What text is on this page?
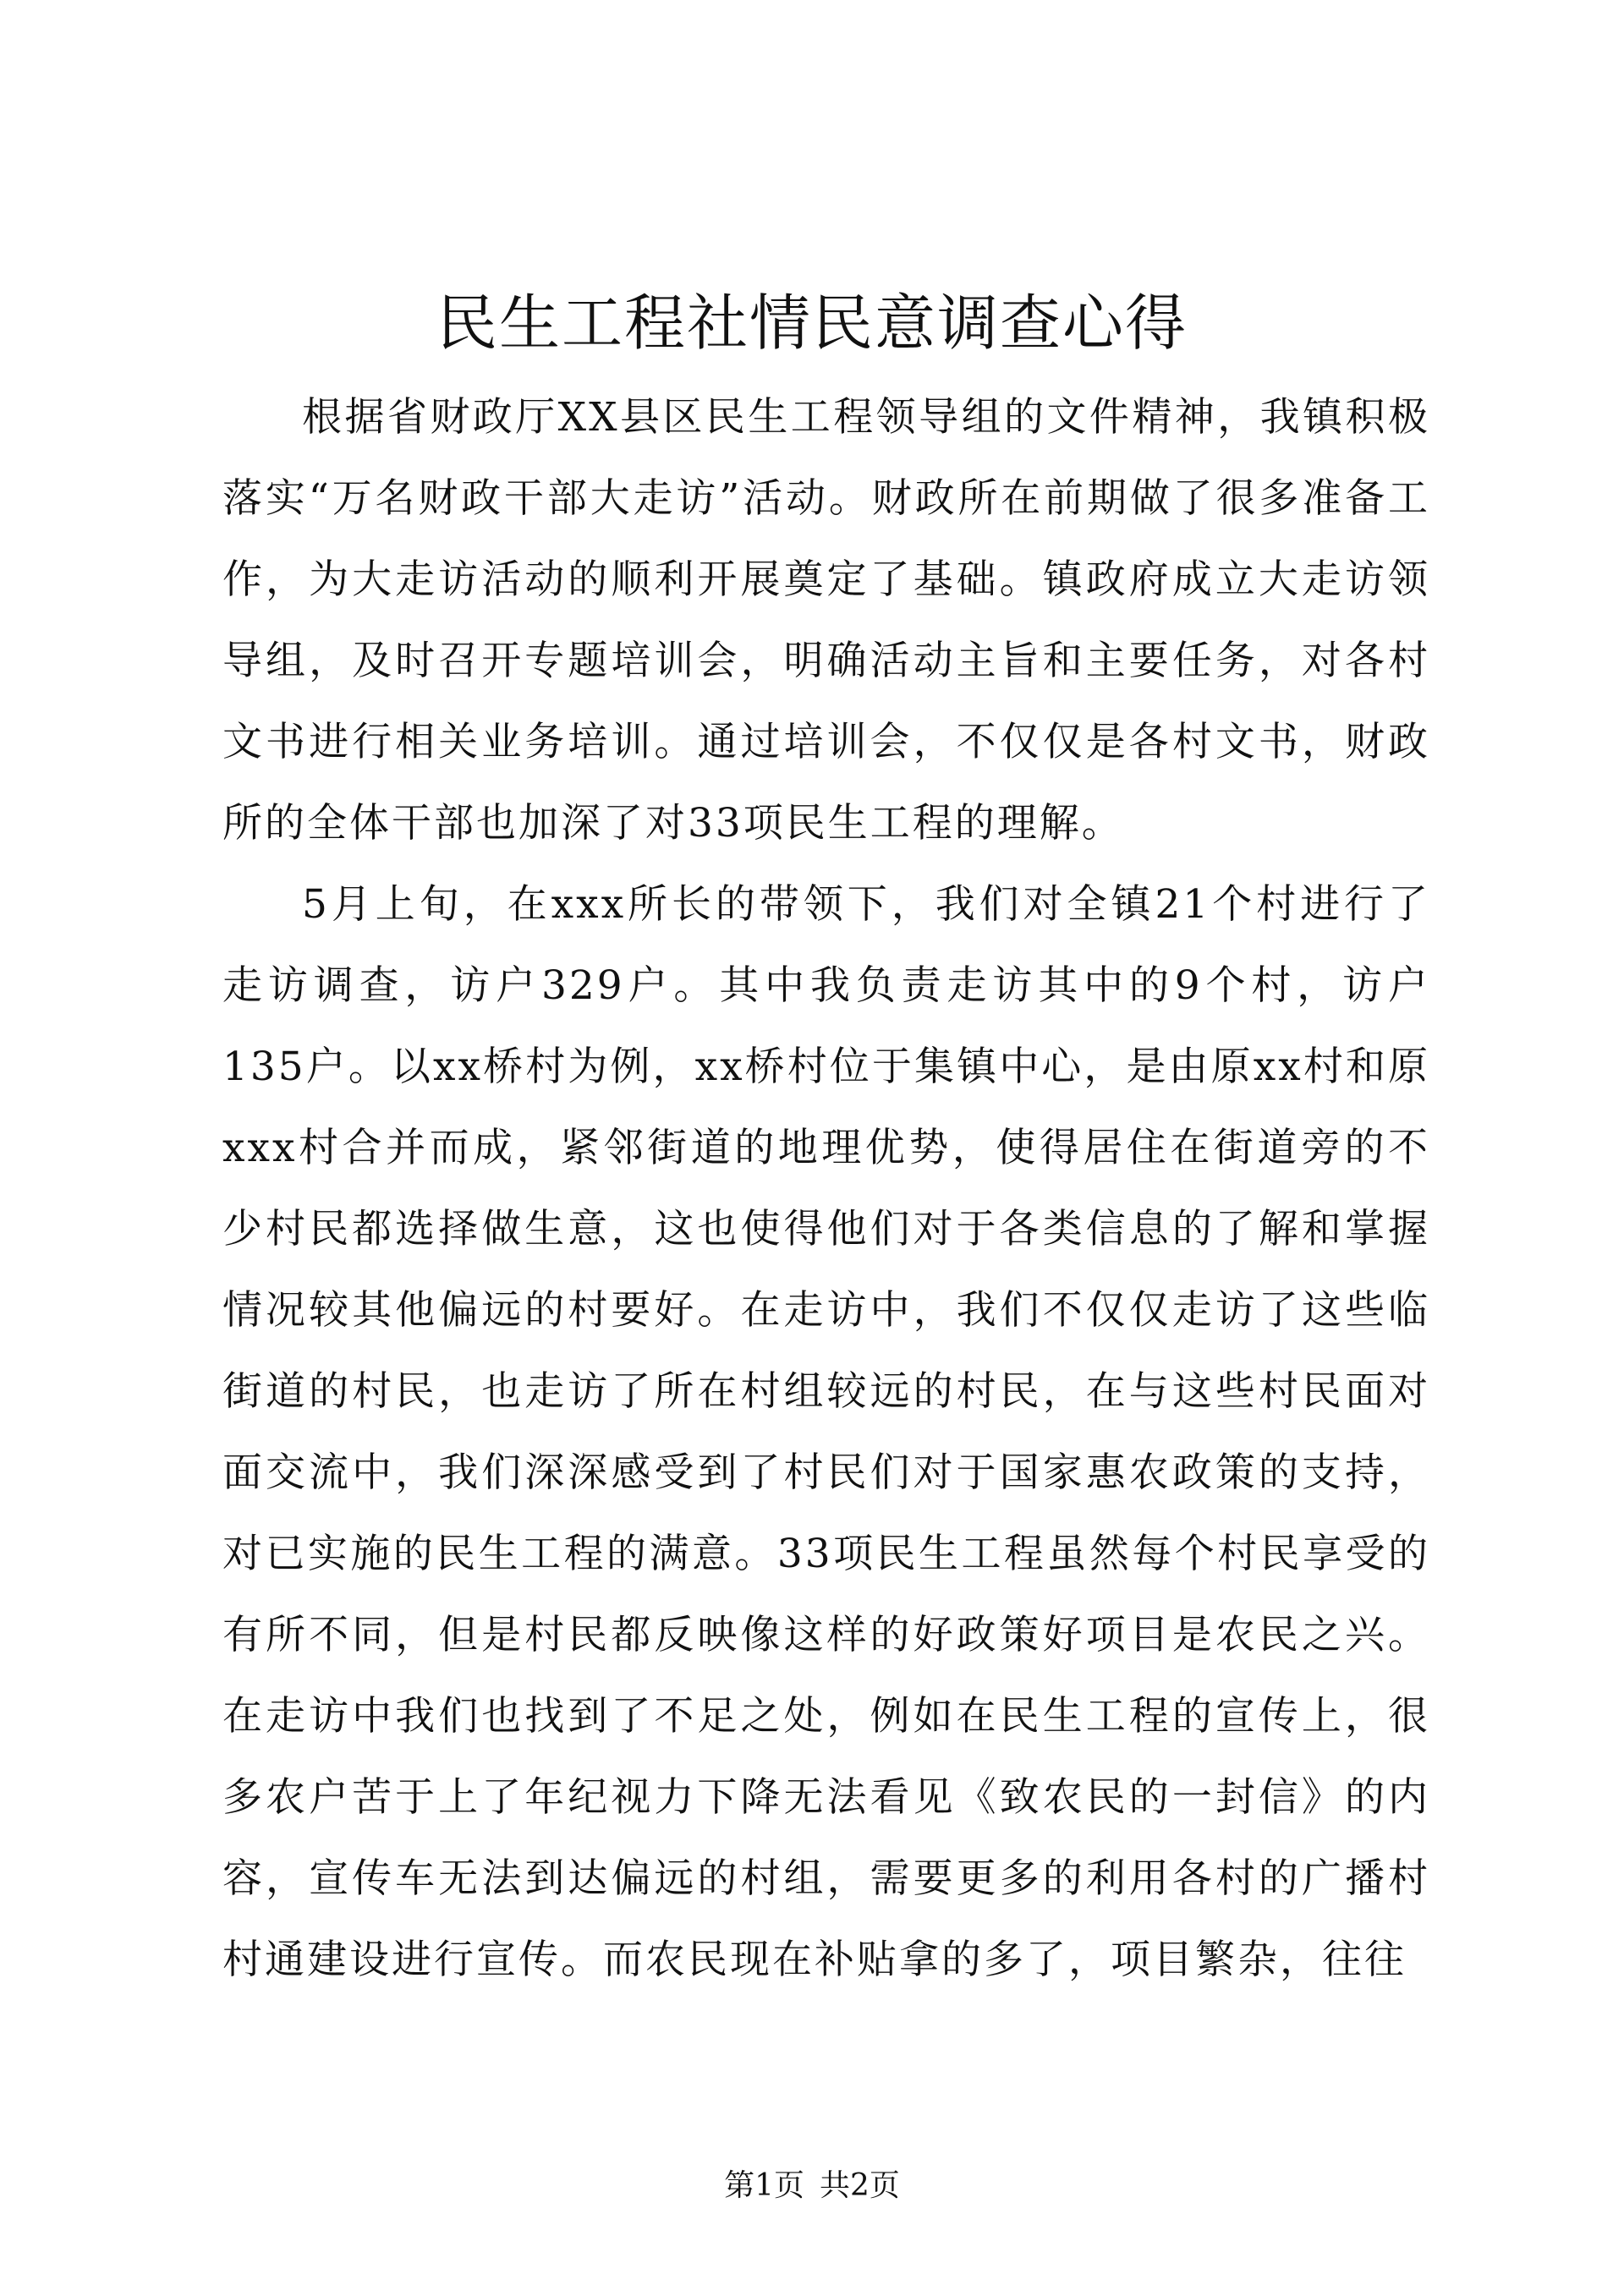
民生工程社情民意调查心得

根据省财政厅XX县区民生工程领导组的文件精神，我镇积极落实“万名财政干部大走访”活动。财政所在前期做了很多准备工作，为大走访活动的顺利开展奠定了基础。镇政府成立大走访领导组，及时召开专题培训会，明确活动主旨和主要任务，对各村文书进行相关业务培训。通过培训会，不仅仅是各村文书，财政所的全体干部也加深了对33项民生工程的理解。

5月上旬，在xxx所长的带领下，我们对全镇21个村进行了走访调查，访户329户。其中我负责走访其中的9个村，访户135户。以xx桥村为例，xx桥村位于集镇中心，是由原xx村和原xxx村合并而成，紧邻街道的地理优势，使得居住在街道旁的不少村民都选择做生意，这也使得他们对于各类信息的了解和掌握情况较其他偏远的村要好。在走访中，我们不仅仅走访了这些临街道的村民，也走访了所在村组较远的村民，在与这些村民面对面交流中，我们深深感受到了村民们对于国家惠农政策的支持，对已实施的民生工程的满意。33项民生工程虽然每个村民享受的有所不同，但是村民都反映像这样的好政策好项目是农民之兴。在走访中我们也找到了不足之处，例如在民生工程的宣传上，很多农户苦于上了年纪视力下降无法看见《致农民的一封信》的内容，宣传车无法到达偏远的村组，需要更多的利用各村的广播村村通建设进行宣传。而农民现在补贴拿的多了，项目繁杂，往往

第1页 共2页
